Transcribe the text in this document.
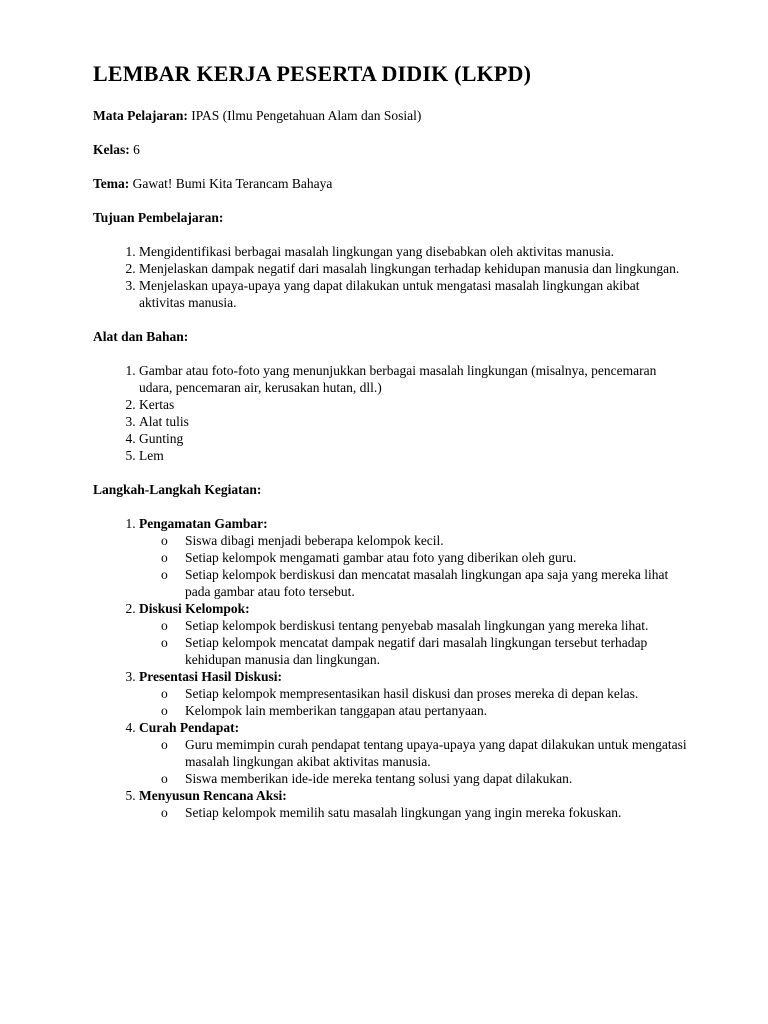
LEMBAR KERJA PESERTA DIDIK (LKPD)

Mata Pelajaran: IPAS (Ilmu Pengetahuan Alam dan Sosial)

Kelas: 6

Tema: Gawat! Bumi Kita Terancam Bahaya

Tujuan Pembelajaran:

1. Mengidentifikasi berbagai masalah lingkungan yang disebabkan oleh aktivitas manusia.
2. Menjelaskan dampak negatif dari masalah lingkungan terhadap kehidupan manusia dan lingkungan.
3. Menjelaskan upaya-upaya yang dapat dilakukan untuk mengatasi masalah lingkungan akibat aktivitas manusia.

Alat dan Bahan:

1. Gambar atau foto-foto yang menunjukkan berbagai masalah lingkungan (misalnya, pencemaran udara, pencemaran air, kerusakan hutan, dll.)
2. Kertas
3. Alat tulis
4. Gunting
5. Lem

Langkah-Langkah Kegiatan:

1. Pengamatan Gambar:
o Siswa dibagi menjadi beberapa kelompok kecil.
o Setiap kelompok mengamati gambar atau foto yang diberikan oleh guru.
o Setiap kelompok berdiskusi dan mencatat masalah lingkungan apa saja yang mereka lihat pada gambar atau foto tersebut.
2. Diskusi Kelompok:
o Setiap kelompok berdiskusi tentang penyebab masalah lingkungan yang mereka lihat.
o Setiap kelompok mencatat dampak negatif dari masalah lingkungan tersebut terhadap kehidupan manusia dan lingkungan.
3. Presentasi Hasil Diskusi:
o Setiap kelompok mempresentasikan hasil diskusi dan proses mereka di depan kelas.
o Kelompok lain memberikan tanggapan atau pertanyaan.
4. Curah Pendapat:
o Guru memimpin curah pendapat tentang upaya-upaya yang dapat dilakukan untuk mengatasi masalah lingkungan akibat aktivitas manusia.
o Siswa memberikan ide-ide mereka tentang solusi yang dapat dilakukan.
5. Menyusun Rencana Aksi:
o Setiap kelompok memilih satu masalah lingkungan yang ingin mereka fokuskan.
